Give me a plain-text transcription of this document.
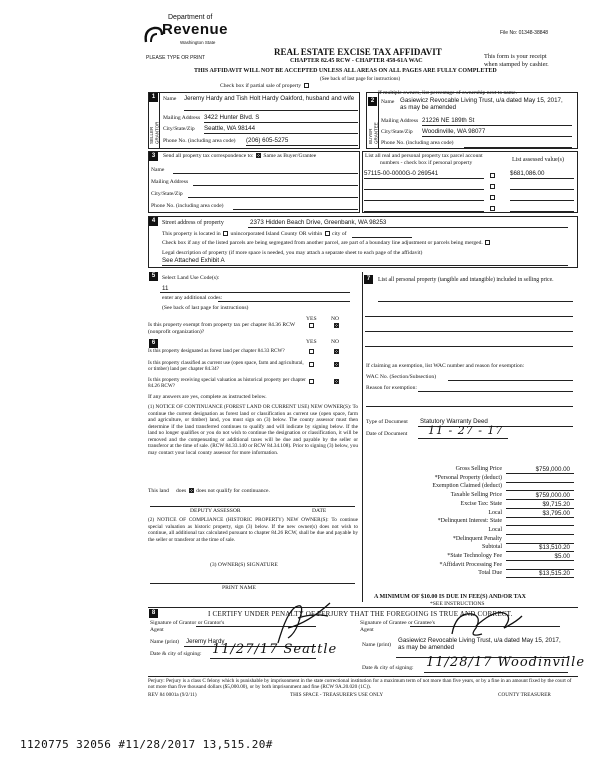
Department of
Revenue
Washington State
PLEASE TYPE OR PRINT
File No: 01348-38848
REAL ESTATE EXCISE TAX AFFIDAVIT
CHAPTER 82.45 RCW - CHAPTER 458-61A WAC
This form is your receipt
when stamped by cashier.
THIS AFFIDAVIT WILL NOT BE ACCEPTED UNLESS ALL AREAS ON ALL PAGES ARE FULLY COMPLETED
(See back of last page for instructions)
Check box if partial sale of property
If multiple owners, list percentage of ownership next to name.
1
SELLER GRANTOR
Name Jeremy Hardy and Tish Holt Hardy Oakford, husband and wife
Mailing Address 3422 Hunter Blvd. S
City/State/Zip Seattle, WA 98144
Phone No. (including area code) (206) 605-5275
2
BUYER GRANTEE
Name Gasiewicz Revocable Living Trust, u/a dated May 15, 2017, as may be amended
Mailing Address 21226 NE 189th St
City/State/Zip Woodinville, WA 98077
Phone No. (including area code)
3	Send all property tax correspondence to: Same as Buyer/Grantee
Name
Mailing Address
City/State/Zip
Phone No. (including area code)
List all real and personal property tax parcel account
numbers - check box if personal property	List assessed value(s)
57115-00-0000G-0 269541	$681,086.00
4	Street address of property	2373 Hidden Beach Drive, Greenbank, WA 98253
This property is located in unincorporated Island County OR within city of
Check box if any of the listed parcels are being segregated from another parcel, are part of a boundary line adjustment or parcels being merged.
Legal description of property (if more space is needed, you may attach a separate sheet to each page of the affidavit)
See Attached Exhibit A
5	Select Land Use Code(s):
11
enter any additional codes:
(See back of last page for instructions)
YES	NO
Is this property exempt from property tax per chapter 84.36 RCW (nonprofit organization)?
6	YES	NO
Is this property designated as forest land per chapter 84.33 RCW?
Is this property classified as current use (open space, farm and agricultural, or timber) land per chapter 84.34?
Is this property receiving special valuation as historical property per chapter 84.26 RCW?
If any answers are yes, complete as instructed below.
(1) NOTICE OF CONTINUANCE (FOREST LAND OR CURRENT USE) NEW OWNER(S): To continue the current designation as forest land or classification as current use (open space, farm and agriculture, or timber) land, you must sign on (3) below. The county assessor must then determine if the land transferred continues to qualify and will indicate by signing below. If the land no longer qualifies or you do not wish to continue the designation or classification, it will be removed and the compensating or additional taxes will be due and payable by the seller or transferor at the time of sale. (RCW 84.33.140 or RCW 84.34.108). Prior to signing (3) below, you may contact your local county assessor for more information.
This land does does not qualify for continuance.
DEPUTY ASSESSOR	DATE
(2) NOTICE OF COMPLIANCE (HISTORIC PROPERTY) NEW OWNER(S): To continue special valuation as historic property, sign (3) below. If the new owner(s) does not wish to continue, all additional tax calculated pursuant to chapter 84.26 RCW, shall be due and payable by the seller or transferor at the time of sale.
(3) OWNER(S) SIGNATURE
PRINT NAME
7	List all personal property (tangible and intangible) included in selling price.
If claiming an exemption, list WAC number and reason for exemption:
WAC No. (Section/Subsection)
Reason for exemption:
Type of Document Statutory Warranty Deed
Date of Document 11 - 27 - 17
Gross Selling Price	$759,000.00
*Personal Property (deduct)
Exemption Claimed (deduct)
Taxable Selling Price	$759,000.00
Excise Tax: State	$9,715.20
Local	$3,795.00
*Delinquent Interest: State
Local
*Delinquent Penalty
Subtotal	$13,510.20
*State Technology Fee	$5.00
*Affidavit Processing Fee
Total Due	$13,515.20
A MINIMUM OF $10.00 IS DUE IN FEE(S) AND/OR TAX
*SEE INSTRUCTIONS
8	I CERTIFY UNDER PENALTY OF PERJURY THAT THE FOREGOING IS TRUE AND CORRECT.
Signature of Grantor or Grantor's Agent
Signature of Grantee or Grantee's Agent
Name (print) Jeremy Hardy
Date & city of signing: 11/27/17 Seattle	Name (print)
Gasiewicz Revocable Living Trust, u/a dated May 15, 2017, as may be amended
Date & city of signing: 11/28/17 Woodinville
Perjury: Perjury is a class C felony which is punishable by imprisonment in the state correctional institution for a maximum term of not more than five years, or by a fine in an amount fixed by the court of not more than five thousand dollars ($5,000.00), or by both imprisonment and fine (RCW 9A.20.020 (1C)).
REV 84 0001a (9/2/11)	THIS SPACE - TREASURER'S USE ONLY	COUNTY TREASURER
1120775 32056 #11/28/2017 13,515.20#
